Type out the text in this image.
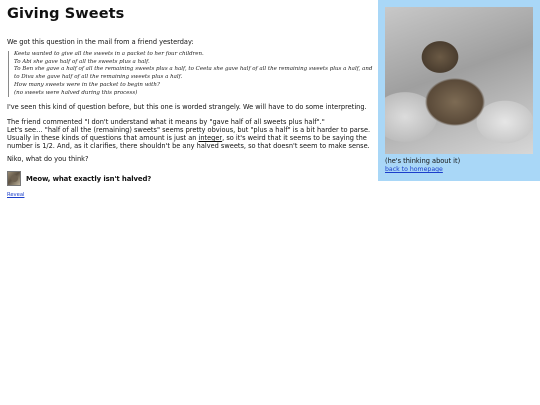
Giving Sweets

We got this question in the mail from a friend yesterday:

Keeta wanted to give all the sweets in a packet to her four children.
To Abi she gave half of all the sweets plus a half.
To Ben she gave a half of all the remaining sweets plus a half, to Ceeta she gave half of all the remaining sweets plus a half, and
to Diva she gave half of all the remaining sweets plus a half.
How many sweets were in the packet to begin with?
(no sweets were halved during this process)

I've seen this kind of question before, but this one is worded strangely. We will have to do some interpreting.

The friend commented "I don't understand what it means by "gave half of all sweets plus half"."
Let's see… "half of all the (remaining) sweets" seems pretty obvious, but "plus a half" is a bit harder to parse.
Usually in these kinds of questions that amount is just an integer, so it's weird that it seems to be saying the
number is 1/2. And, as it clarifies, there shouldn't be any halved sweets, so that doesn't seem to make sense.

Niko, what do you think?

Meow, what exactly isn't halved?
Reveal
(he's thinking about it)
back to homepage
